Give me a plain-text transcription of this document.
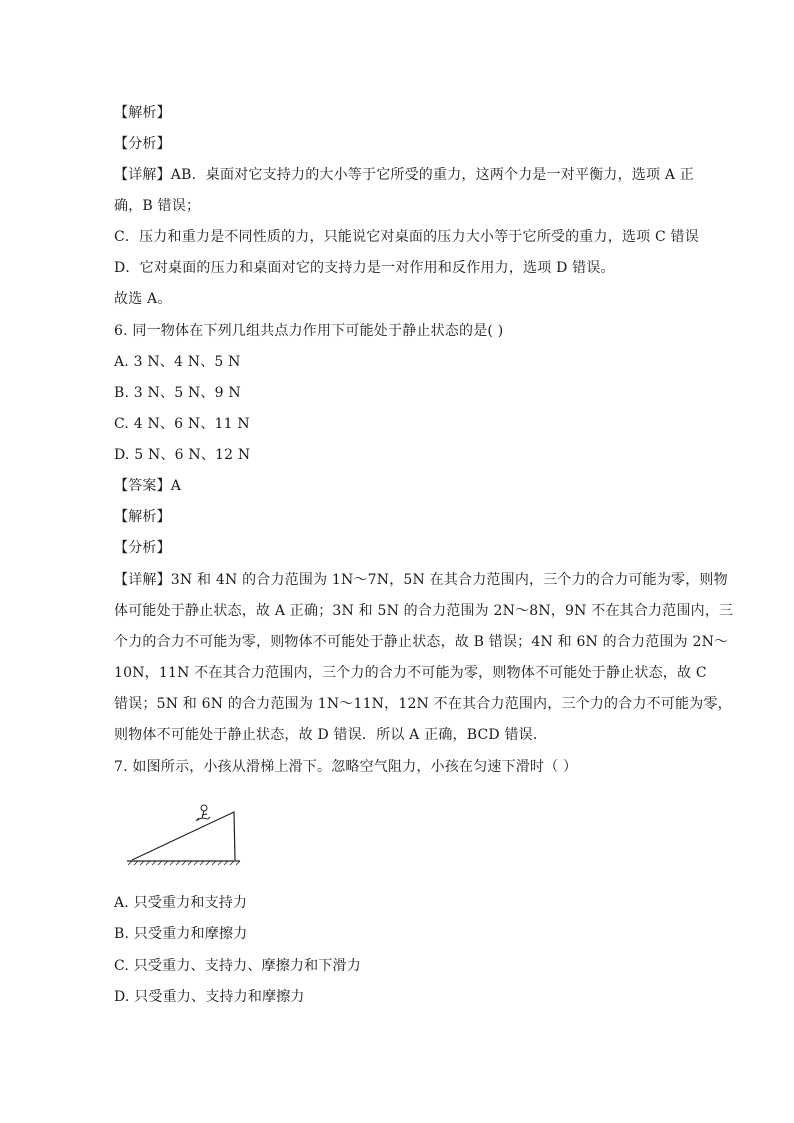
【解析】
【分析】
【详解】AB．桌面对它支持力的大小等于它所受的重力，这两个力是一对平衡力，选项 A 正
确，B 错误；
C．压力和重力是不同性质的力，只能说它对桌面的压力大小等于它所受的重力，选项 C 错误
D．它对桌面的压力和桌面对它的支持力是一对作用和反作用力，选项 D 错误。
故选 A。
6. 同一物体在下列几组共点力作用下可能处于静止状态的是( )
A. 3 N、4 N、5 N
B. 3 N、5 N、9 N
C. 4 N、6 N、11 N
D. 5 N、6 N、12 N
【答案】A
【解析】
【分析】
【详解】3N 和 4N 的合力范围为 1N～7N，5N 在其合力范围内，三个力的合力可能为零，则物
体可能处于静止状态，故 A 正确；3N 和 5N 的合力范围为 2N～8N，9N 不在其合力范围内，三
个力的合力不可能为零，则物体不可能处于静止状态，故 B 错误；4N 和 6N 的合力范围为 2N～
10N，11N 不在其合力范围内，三个力的合力不可能为零，则物体不可能处于静止状态，故 C
错误；5N 和 6N 的合力范围为 1N～11N，12N 不在其合力范围内，三个力的合力不可能为零，
则物体不可能处于静止状态，故 D 错误．所以 A 正确，BCD 错误．
7. 如图所示，小孩从滑梯上滑下。忽略空气阻力，小孩在匀速下滑时（ ）
A. 只受重力和支持力
B. 只受重力和摩擦力
C. 只受重力、支持力、摩擦力和下滑力
D. 只受重力、支持力和摩擦力
